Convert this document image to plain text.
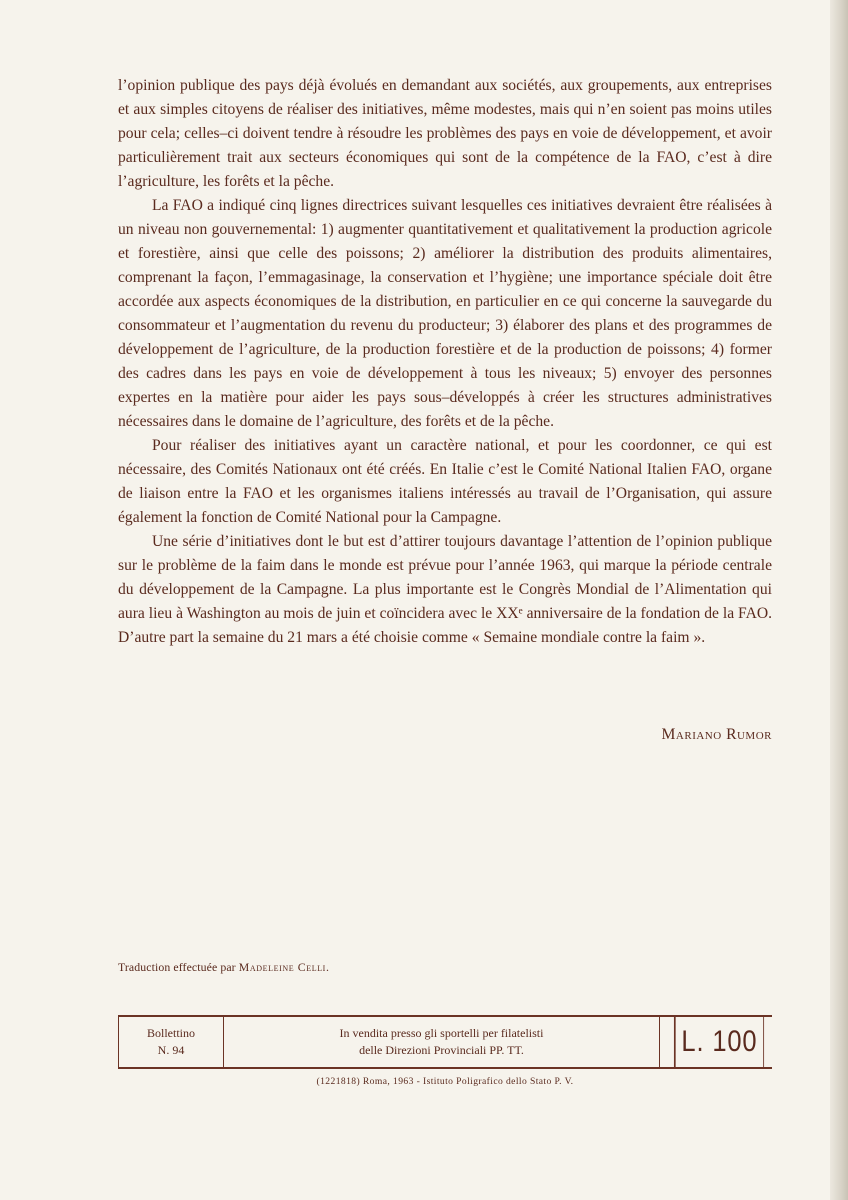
l’opinion publique des pays déjà évolués en demandant aux sociétés, aux groupements, aux entreprises et aux simples citoyens de réaliser des initiatives, même modestes, mais qui n’en soient pas moins utiles pour cela; celles–ci doivent tendre à résoudre les problèmes des pays en voie de développement, et avoir particulièrement trait aux secteurs économiques qui sont de la compétence de la FAO, c’est à dire l’agriculture, les forêts et la pêche.

La FAO a indiqué cinq lignes directrices suivant lesquelles ces initiatives devraient être réalisées à un niveau non gouvernemental: 1) augmenter quantitativement et qualitativement la production agricole et forestière, ainsi que celle des poissons; 2) améliorer la distribution des produits alimentaires, comprenant la façon, l’emmagasinage, la conservation et l’hygiène; une importance spéciale doit être accordée aux aspects économiques de la distribution, en particulier en ce qui concerne la sauvegarde du consommateur et l’augmentation du revenu du producteur; 3) élaborer des plans et des programmes de développement de l’agriculture, de la production forestière et de la production de poissons; 4) former des cadres dans les pays en voie de développement à tous les niveaux; 5) envoyer des personnes expertes en la matière pour aider les pays sous–développés à créer les structures administratives nécessaires dans le domaine de l’agriculture, des forêts et de la pêche.

Pour réaliser des initiatives ayant un caractère national, et pour les coordonner, ce qui est nécessaire, des Comités Nationaux ont été créés. En Italie c’est le Comité National Italien FAO, organe de liaison entre la FAO et les organismes italiens intéressés au travail de l’Organisation, qui assure également la fonction de Comité National pour la Campagne.

Une série d’initiatives dont le but est d’attirer toujours davantage l’attention de l’opinion publique sur le problème de la faim dans le monde est prévue pour l’année 1963, qui marque la période centrale du développement de la Campagne. La plus importante est le Congrès Mondial de l’Alimentation qui aura lieu à Washington au mois de juin et coïncidera avec le XXᵉ anniversaire de la fondation de la FAO. D’autre part la semaine du 21 mars a été choisie comme « Semaine mondiale contre la faim ».

Mariano Rumor
Traduction effectuée par Madeleine Celli.
Bollettino
N. 94
In vendita presso gli sportelli per filatelisti
delle Direzioni Provinciali PP. TT.	L. 100
(1221818) Roma, 1963 - Istituto Poligrafico dello Stato P. V.
